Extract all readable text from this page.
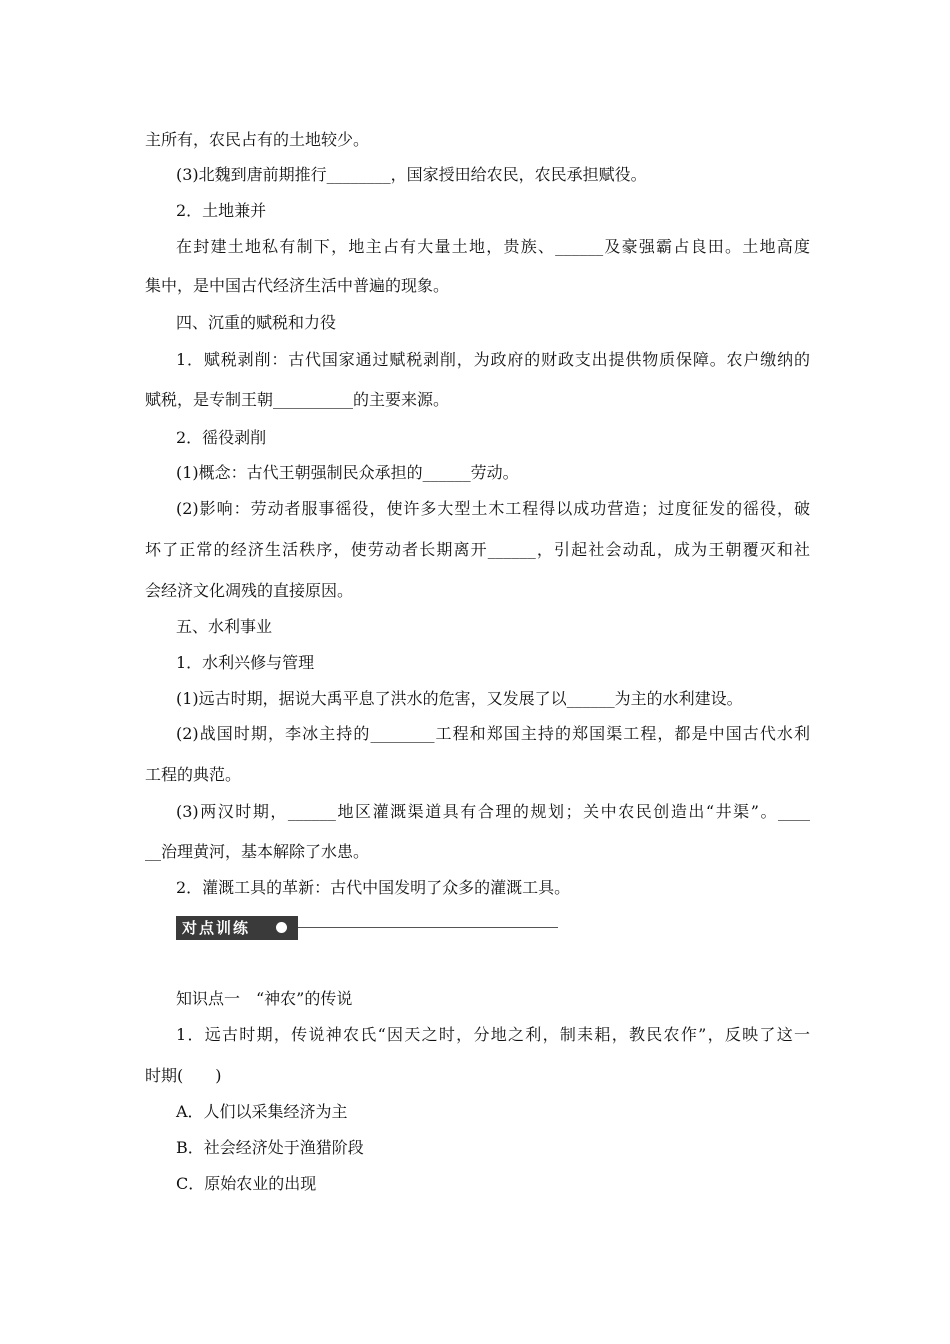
主所有，农民占有的土地较少。
(3)北魏到唐前期推行________，国家授田给农民，农民承担赋役。
2．土地兼并
在封建土地私有制下，地主占有大量土地，贵族、______及豪强霸占良田。土地高度
集中，是中国古代经济生活中普遍的现象。
四、沉重的赋税和力役
1．赋税剥削：古代国家通过赋税剥削，为政府的财政支出提供物质保障。农户缴纳的
赋税，是专制王朝__________的主要来源。
2．徭役剥削
(1)概念：古代王朝强制民众承担的______劳动。
(2)影响：劳动者服事徭役，使许多大型土木工程得以成功营造；过度征发的徭役，破
坏了正常的经济生活秩序，使劳动者长期离开______，引起社会动乱，成为王朝覆灭和社
会经济文化凋残的直接原因。
五、水利事业
1．水利兴修与管理
(1)远古时期，据说大禹平息了洪水的危害，又发展了以______为主的水利建设。
(2)战国时期，李冰主持的________工程和郑国主持的郑国渠工程，都是中国古代水利
工程的典范。
(3)两汉时期，______地区灌溉渠道具有合理的规划；关中农民创造出“井渠”。____
__治理黄河，基本解除了水患。
2．灌溉工具的革新：古代中国发明了众多的灌溉工具。
对点训练
知识点一　“神农”的传说
1．远古时期，传说神农氏“因天之时，分地之利，制耒耜，教民农作”，反映了这一
时期(　　)
A．人们以采集经济为主
B．社会经济处于渔猎阶段
C．原始农业的出现
